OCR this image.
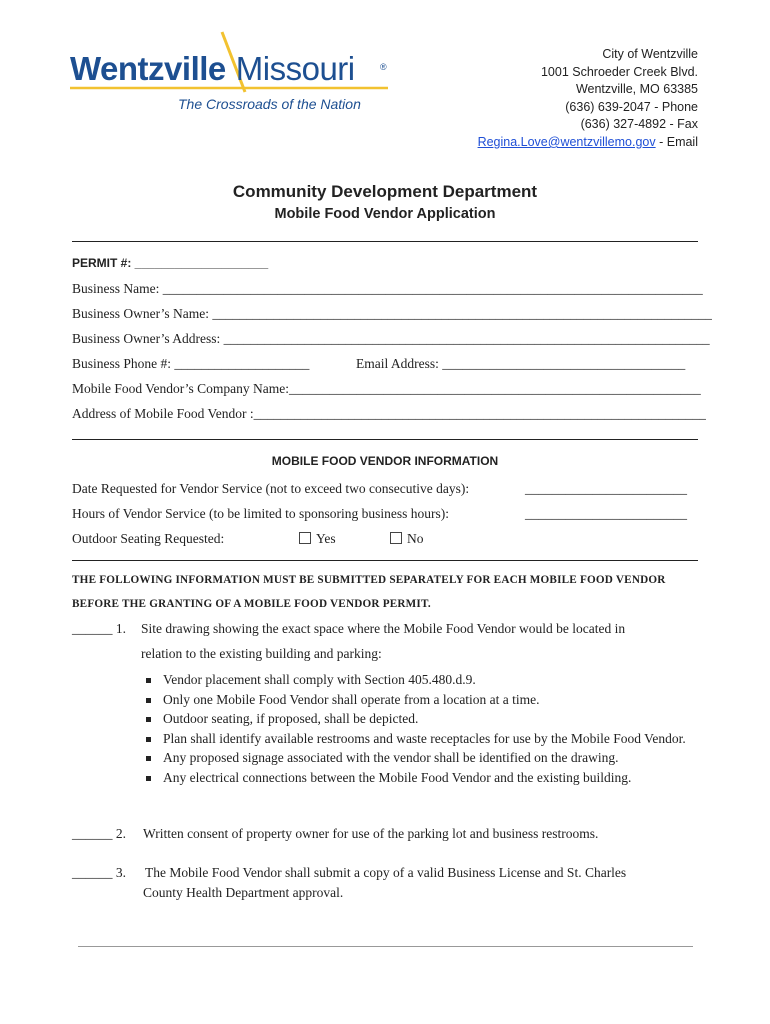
Wentzville Missouri	®
The Crossroads of the Nation
City of Wentzville
1001 Schroeder Creek Blvd.
Wentzville, MO 63385
(636) 639-2047 - Phone
(636) 327-4892 - Fax
Regina.Love@wentzvillemo.gov - Email
Community Development Department
Mobile Food Vendor Application
PERMIT #: ____________________
Business Name: ________________________________________________________________________________
Business Owner’s Name: __________________________________________________________________________
Business Owner’s Address: ________________________________________________________________________
Business Phone #: ____________________	Email Address: ____________________________________
Mobile Food Vendor’s Company Name:_____________________________________________________________
Address of Mobile Food Vendor :___________________________________________________________________
MOBILE FOOD VENDOR INFORMATION
Date Requested for Vendor Service (not to exceed two consecutive days):	________________________
Hours of Vendor Service (to be limited to sponsoring business hours):	________________________
Outdoor Seating Requested:	Yes	No
THE FOLLOWING INFORMATION MUST BE SUBMITTED SEPARATELY FOR EACH MOBILE FOOD VENDOR
BEFORE THE GRANTING OF A MOBILE FOOD VENDOR PERMIT.
______ 1. Site drawing showing the exact space where the Mobile Food Vendor would be located in
relation to the existing building and parking:
Vendor placement shall comply with Section 405.480.d.9.
Only one Mobile Food Vendor shall operate from a location at a time.
Outdoor seating, if proposed, shall be depicted.
Plan shall identify available restrooms and waste receptacles for use by the Mobile Food Vendor.
Any proposed signage associated with the vendor shall be identified on the drawing.
Any electrical connections between the Mobile Food Vendor and the existing building.
______ 2. Written consent of property owner for use of the parking lot and business restrooms.
______ 3. The Mobile Food Vendor shall submit a copy of a valid Business License and St. Charles
County Health Department approval.
